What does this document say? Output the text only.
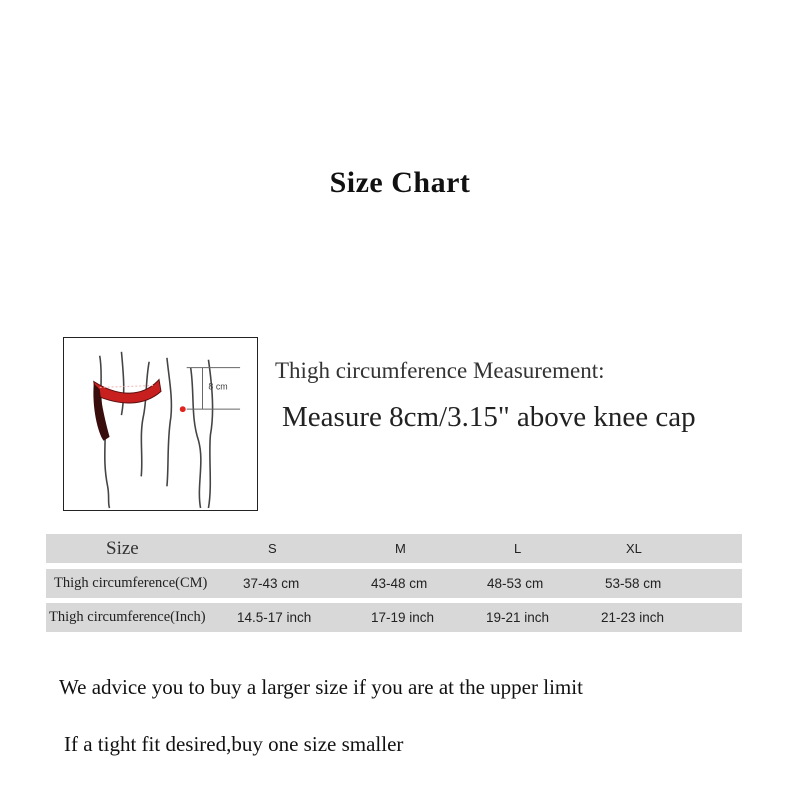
Size Chart
8 cm
Thigh circumference Measurement:
Measure 8cm/3.15" above knee cap
Size	S	M	L	XL
Thigh circumference(CM)	37-43 cm	43-48 cm	48-53 cm	53-58 cm
Thigh circumference(Inch) 14.5-17 inch	17-19 inch	19-21 inch	21-23 inch
We advice you to buy a larger size if you are at the upper limit
If a tight fit desired,buy one size smaller
